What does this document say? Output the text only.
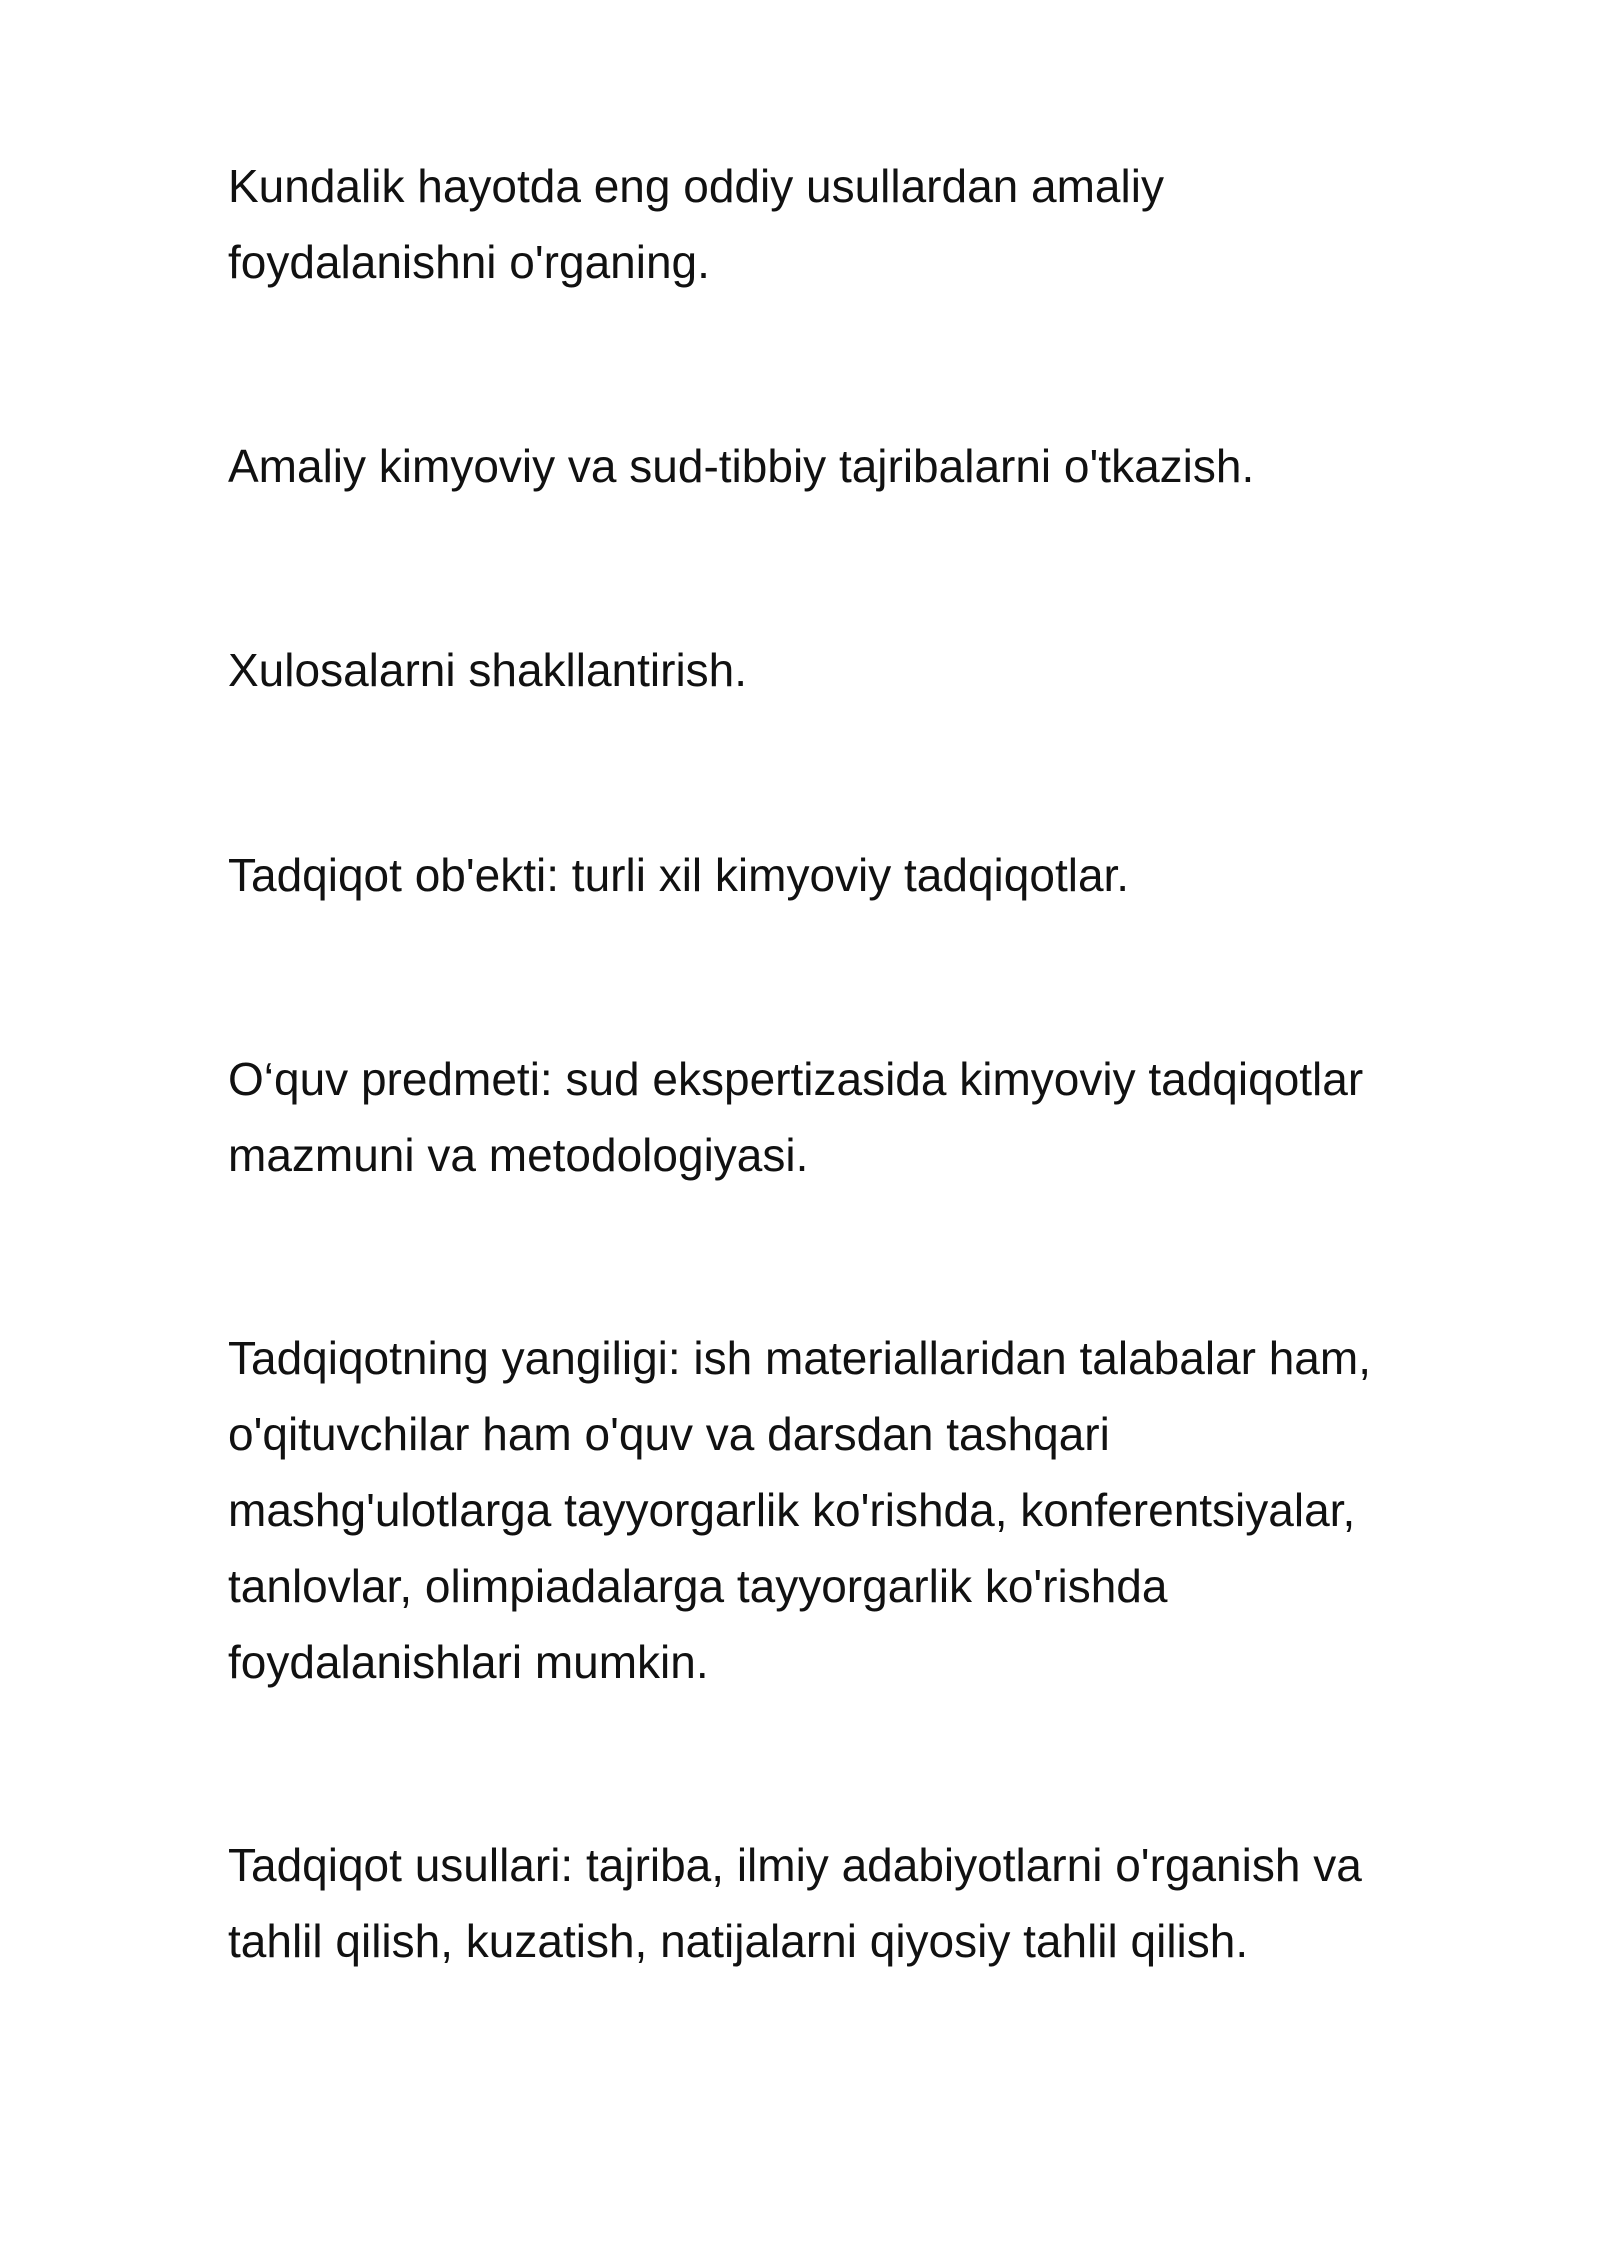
Kundalik hayotda eng oddiy usullardan amaliy
foydalanishni o'rganing.

Amaliy kimyoviy va sud-tibbiy tajribalarni o'tkazish.

Xulosalarni shakllantirish.

Tadqiqot ob'ekti: turli xil kimyoviy tadqiqotlar.

O‘quv predmeti: sud ekspertizasida kimyoviy tadqiqotlar
mazmuni va metodologiyasi.

Tadqiqotning yangiligi: ish materiallaridan talabalar ham,
o'qituvchilar ham o'quv va darsdan tashqari
mashg'ulotlarga tayyorgarlik ko'rishda, konferentsiyalar,
tanlovlar, olimpiadalarga tayyorgarlik ko'rishda
foydalanishlari mumkin.

Tadqiqot usullari: tajriba, ilmiy adabiyotlarni o'rganish va
tahlil qilish, kuzatish, natijalarni qiyosiy tahlil qilish.
